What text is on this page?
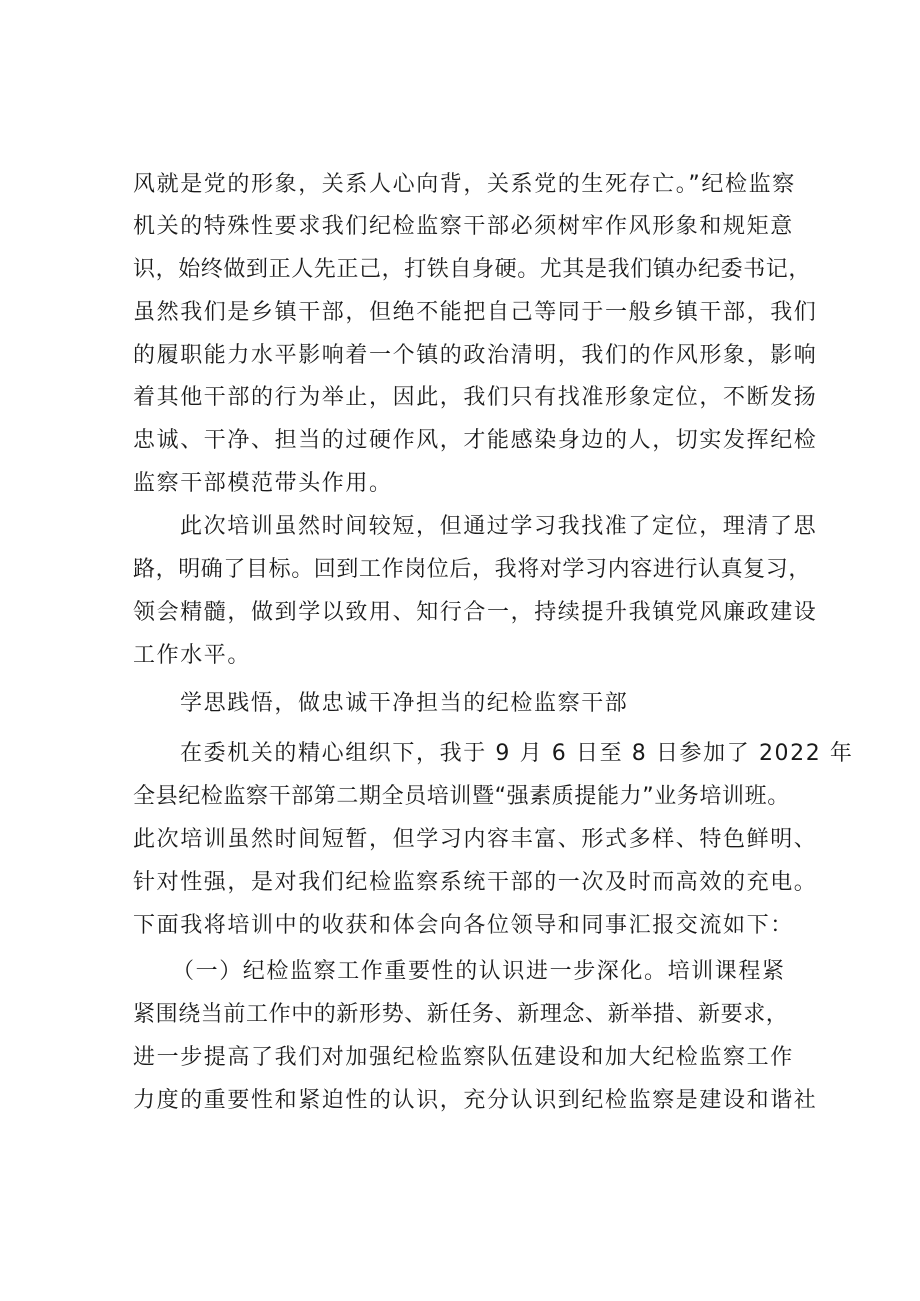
风就是党的形象，关系人心向背，关系党的生死存亡。”纪检监察
机关的特殊性要求我们纪检监察干部必须树牢作风形象和规矩意
识，始终做到正人先正己，打铁自身硬。尤其是我们镇办纪委书记，
虽然我们是乡镇干部，但绝不能把自己等同于一般乡镇干部，我们
的履职能力水平影响着一个镇的政治清明，我们的作风形象，影响
着其他干部的行为举止，因此，我们只有找准形象定位，不断发扬
忠诚、干净、担当的过硬作风，才能感染身边的人，切实发挥纪检
监察干部模范带头作用。
此次培训虽然时间较短，但通过学习我找准了定位，理清了思
路，明确了目标。回到工作岗位后，我将对学习内容进行认真复习，
领会精髓，做到学以致用、知行合一，持续提升我镇党风廉政建设
工作水平。
学思践悟，做忠诚干净担当的纪检监察干部
在委机关的精心组织下，我于 9 月 6 日至 8 日参加了 2022 年
全县纪检监察干部第二期全员培训暨“强素质提能力”业务培训班。
此次培训虽然时间短暂，但学习内容丰富、形式多样、特色鲜明、
针对性强，是对我们纪检监察系统干部的一次及时而高效的充电。
下面我将培训中的收获和体会向各位领导和同事汇报交流如下：
（一）纪检监察工作重要性的认识进一步深化。培训课程紧
紧围绕当前工作中的新形势、新任务、新理念、新举措、新要求，
进一步提高了我们对加强纪检监察队伍建设和加大纪检监察工作
力度的重要性和紧迫性的认识，充分认识到纪检监察是建设和谐社
